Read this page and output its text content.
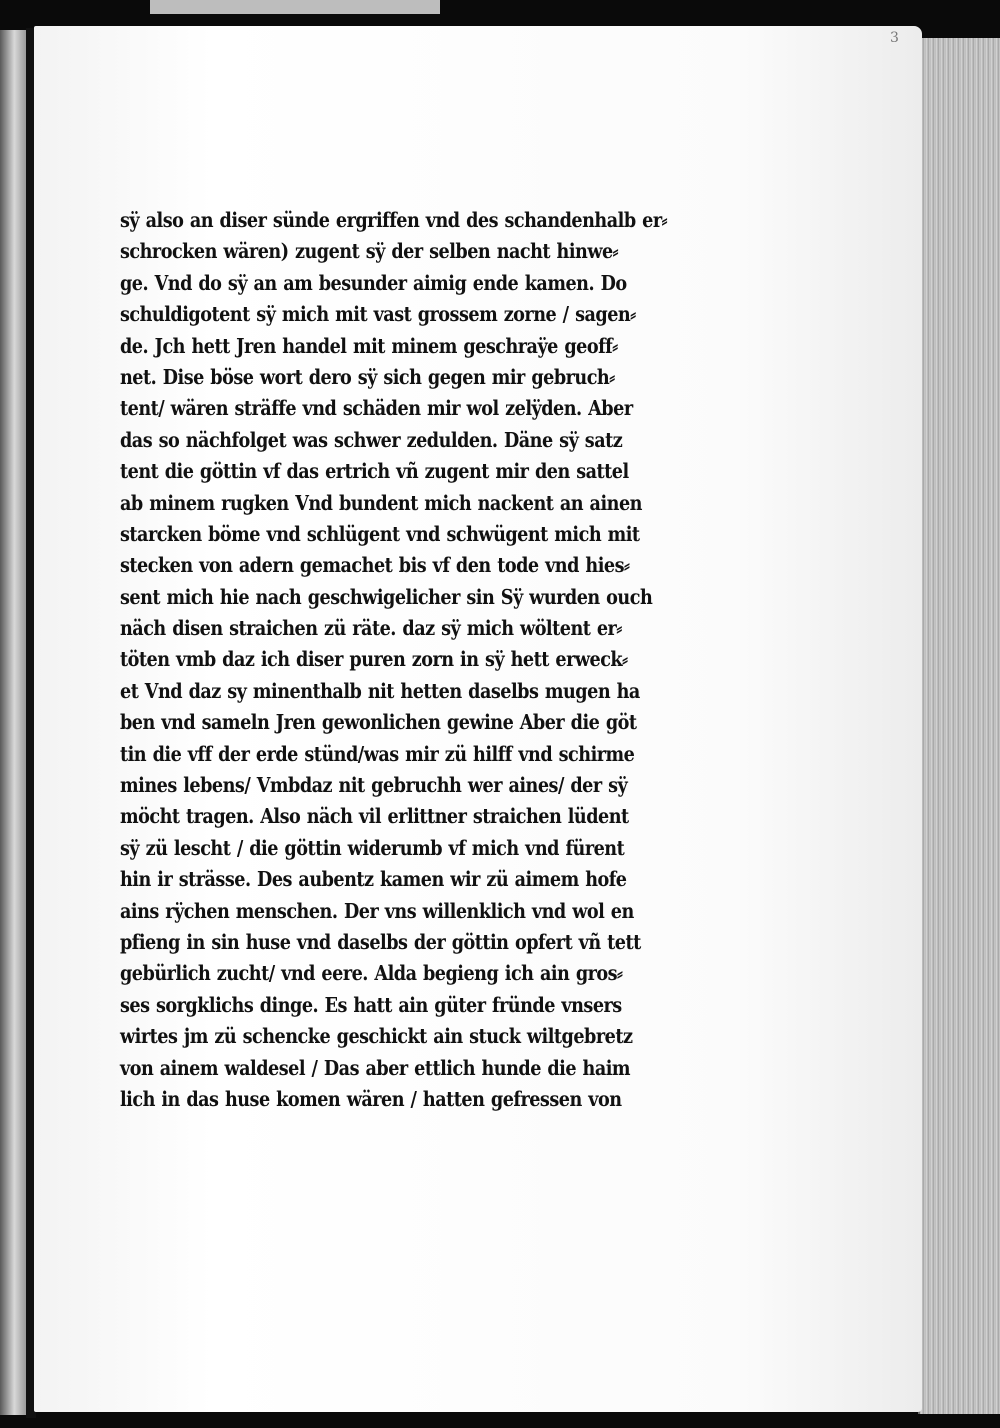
3
sÿ also an diser sünde ergriffen vnd des schandenhalb er⸗
schrocken wären) zugent sÿ der selben nacht hinwe⸗
ge. Vnd do sÿ an am besunder aimig ende kamen. Do
schuldigotent sÿ mich mit vast grossem zorne / sagen⸗
de. Jch hett Jren handel mit minem geschraÿe geoff⸗
net. Dise böse wort dero sÿ sich gegen mir gebruch⸗
tent/ wären sträffe vnd schäden mir wol zelÿden. Aber
das so nächfolget was schwer zedulden. Däne sÿ satz
tent die göttin vf das ertrich vñ zugent mir den sattel
ab minem rugken Vnd bundent mich nackent an ainen
starcken böme vnd schlügent vnd schwügent mich mit
stecken von adern gemachet bis vf den tode vnd hies⸗
sent mich hie nach geschwigelicher sin Sÿ wurden ouch
näch disen straichen zü räte. daz sÿ mich wöltent er⸗
töten vmb daz ich diser puren zorn in sÿ hett erweck⸗
et Vnd daz sy minenthalb nit hetten daselbs mugen ha
ben vnd sameln Jren gewonlichen gewine Aber die göt
tin die vff der erde stünd/was mir zü hilff vnd schirme
mines lebens/ Vmbdaz nit gebruchh wer aines/ der sÿ
möcht tragen. Also näch vil erlittner straichen lüdent
sÿ zü lescht / die göttin widerumb vf mich vnd fürent
hin ir strässe. Des aubentz kamen wir zü aimem hofe
ains rÿchen menschen. Der vns willenklich vnd wol en
pfieng in sin huse vnd daselbs der göttin opfert vñ tett
gebürlich zucht/ vnd eere. Alda begieng ich ain gros⸗
ses sorgklichs dinge. Es hatt ain güter fründe vnsers
wirtes jm zü schencke geschickt ain stuck wiltgebretz
von ainem waldesel / Das aber ettlich hunde die haim
lich in das huse komen wären / hatten gefressen von
